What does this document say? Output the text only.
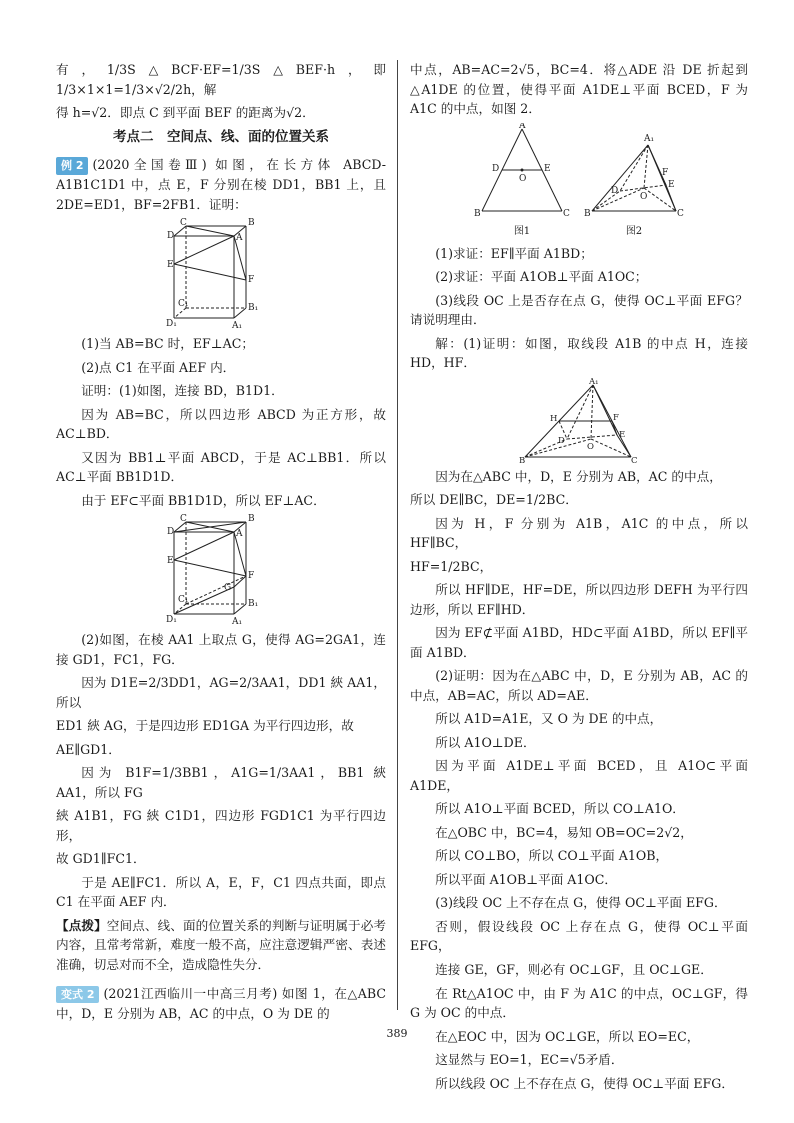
有，1/3S△BCF·EF=1/3S△BEF·h，即1/3×1×1=1/3×√2/2h，解

得 h=√2．即点 C 到平面 BEF 的距离为√2．

考点二　空间点、线、面的位置关系

例 2 (2020全国卷Ⅲ) 如图，在长方体 ABCD-A1B1C1D1 中，点 E，F 分别在棱 DD1，BB1 上，且 2DE=ED1，BF=2FB1．证明：

C	B
D	A
E
F
C₁	B₁
D₁	A₁

(1)当 AB=BC 时，EF⊥AC；

(2)点 C1 在平面 AEF 内．

证明：(1)如图，连接 BD，B1D1．

因为 AB=BC，所以四边形 ABCD 为正方形，故 AC⊥BD．

又因为 BB1⊥平面 ABCD，于是 AC⊥BB1．所以 AC⊥平面 BB1D1D．

由于 EF⊂平面 BB1D1D，所以 EF⊥AC．

C	B
D	A
E
F
G
C₁	B₁
D₁	A₁

(2)如图，在棱 AA1 上取点 G，使得 AG=2GA1，连接 GD1，FC1，FG．

因为 D1E=2/3DD1，AG=2/3AA1，DD1 綊 AA1，所以

ED1 綊 AG，于是四边形 ED1GA 为平行四边形，故

AE∥GD1．

因为 B1F=1/3BB1，A1G=1/3AA1，BB1 綊 AA1，所以 FG

綊 A1B1，FG 綊 C1D1，四边形 FGD1C1 为平行四边形，

故 GD1∥FC1．

于是 AE∥FC1．所以 A，E，F，C1 四点共面，即点 C1 在平面 AEF 内．

【点拨】空间点、线、面的位置关系的判断与证明属于必考内容，且常考常新，难度一般不高，应注意逻辑严密、表述准确，切忌对而不全，造成隐性失分．

变式 2 (2021江西临川一中高三月考) 如图 1，在△ABC 中，D，E 分别为 AB，AC 的中点，O 为 DE 的

中点，AB=AC=2√5，BC=4．将△ADE 沿 DE 折起到△A1DE 的位置，使得平面 A1DE⊥平面 BCED，F 为 A1C 的中点，如图 2．

A
D	E
O
B	C
图1
A₁
D
E
O
F
B	C
图2

(1)求证：EF∥平面 A1BD；

(2)求证：平面 A1OB⊥平面 A1OC；

(3)线段 OC 上是否存在点 G，使得 OC⊥平面 EFG？请说明理由．

解：(1)证明：如图，取线段 A1B 的中点 H，连接 HD，HF．

A₁
H
D
F
E
O
B	C

因为在△ABC 中，D，E 分别为 AB，AC 的中点，

所以 DE∥BC，DE=1/2BC．

因为 H，F 分别为 A1B，A1C 的中点，所以 HF∥BC，

HF=1/2BC，

所以 HF∥DE，HF=DE，所以四边形 DEFH 为平行四边形，所以 EF∥HD．

因为 EF⊄平面 A1BD，HD⊂平面 A1BD，所以 EF∥平面 A1BD．

(2)证明：因为在△ABC 中，D，E 分别为 AB，AC 的中点，AB=AC，所以 AD=AE．

所以 A1D=A1E，又 O 为 DE 的中点，

所以 A1O⊥DE．

因为平面 A1DE⊥平面 BCED，且 A1O⊂平面 A1DE，

所以 A1O⊥平面 BCED，所以 CO⊥A1O．

在△OBC 中，BC=4，易知 OB=OC=2√2，

所以 CO⊥BO，所以 CO⊥平面 A1OB，

所以平面 A1OB⊥平面 A1OC．

(3)线段 OC 上不存在点 G，使得 OC⊥平面 EFG．

否则，假设线段 OC 上存在点 G，使得 OC⊥平面 EFG，

连接 GE，GF，则必有 OC⊥GF，且 OC⊥GE．

在 Rt△A1OC 中，由 F 为 A1C 的中点，OC⊥GF，得 G 为 OC 的中点．

在△EOC 中，因为 OC⊥GE，所以 EO=EC，

这显然与 EO=1，EC=√5矛盾．

所以线段 OC 上不存在点 G，使得 OC⊥平面 EFG．

389
